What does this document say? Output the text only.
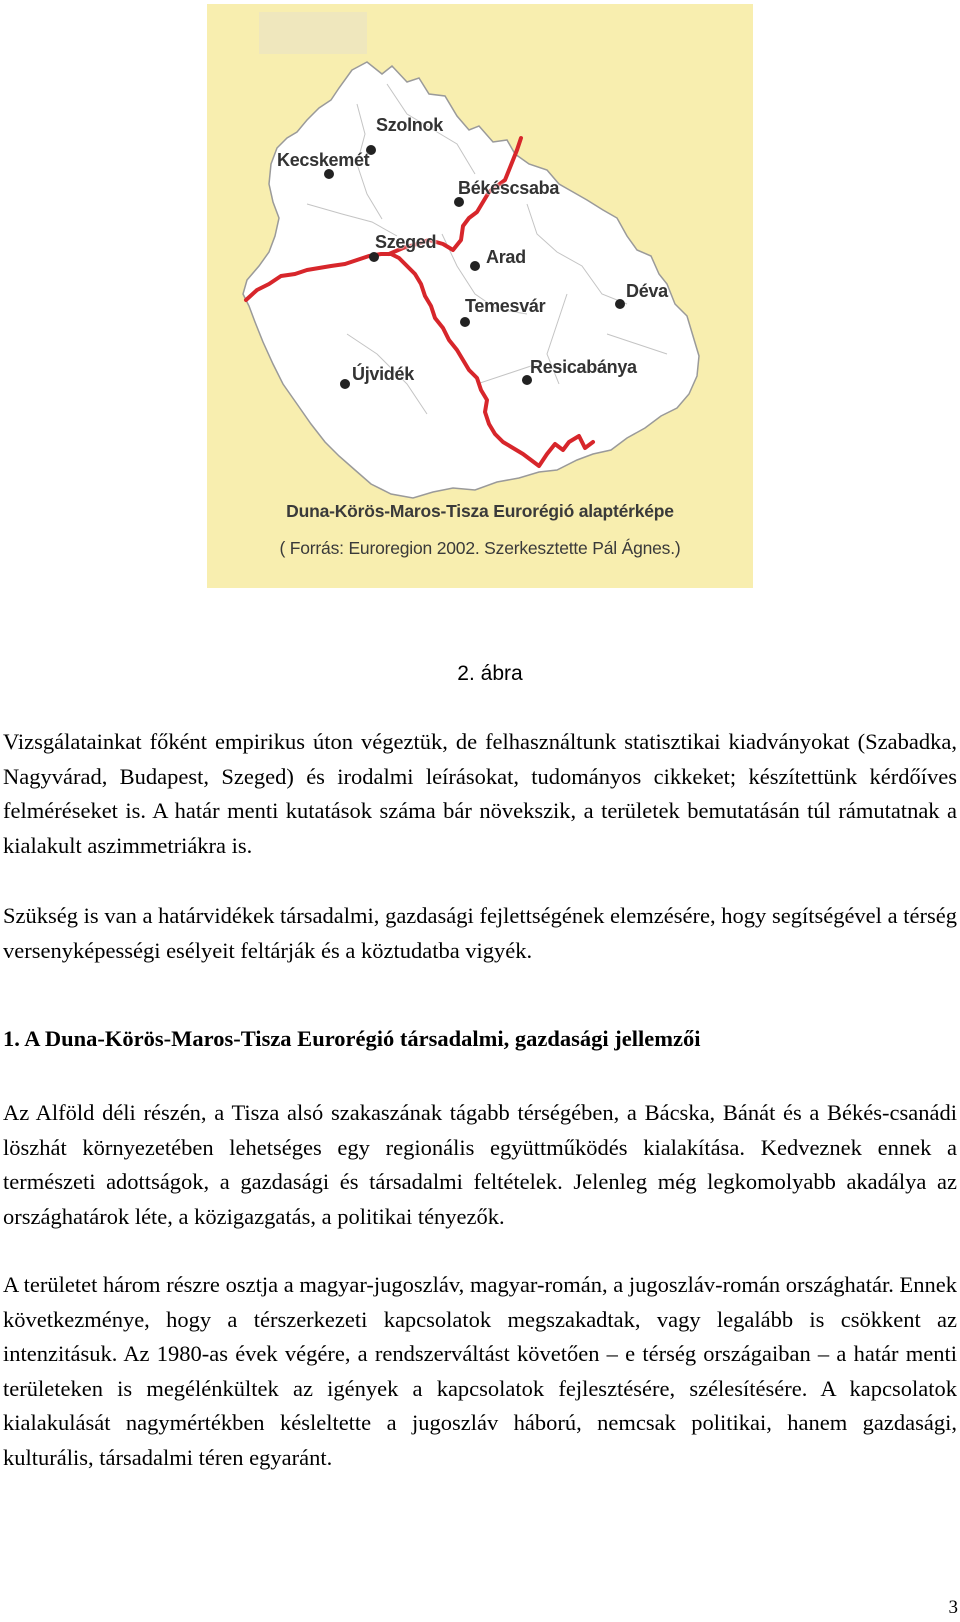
Szolnok
Kecskemét
Békéscsaba
Szeged
Arad
Temesvár
Déva
Újvidék	Resicabánya
Duna-Körös-Maros-Tisza Eurorégió alaptérképe
( Forrás: Euroregion 2002. Szerkesztette Pál Ágnes.)
2. ábra

Vizsgálatainkat főként empirikus úton végeztük, de felhasználtunk statisztikai kiadványokat (Szabadka, Nagyvárad, Budapest, Szeged) és irodalmi leírásokat, tudományos cikkeket; készítettünk kérdőíves felméréseket is. A határ menti kutatások száma bár növekszik, a területek bemutatásán túl rámutatnak a kialakult aszimmetriákra is.

Szükség is van a határvidékek társadalmi, gazdasági fejlettségének elemzésére, hogy segítségével a térség versenyképességi esélyeit feltárják és a köztudatba vigyék.

1. A Duna-Körös-Maros-Tisza Eurorégió társadalmi, gazdasági jellemzői

Az Alföld déli részén, a Tisza alsó szakaszának tágabb térségében, a Bácska, Bánát és a Békés-csanádi löszhát környezetében lehetséges egy regionális együttműködés kialakítása. Kedveznek ennek a természeti adottságok, a gazdasági és társadalmi feltételek. Jelenleg még legkomolyabb akadálya az országhatárok léte, a közigazgatás, a politikai tényezők.

A területet három részre osztja a magyar-jugoszláv, magyar-román, a jugoszláv-román országhatár. Ennek következménye, hogy a térszerkezeti kapcsolatok megszakadtak, vagy legalább is csökkent az intenzitásuk. Az 1980-as évek végére, a rendszerváltást követően – e térség országaiban – a határ menti területeken is megélénkültek az igények a kapcsolatok fejlesztésére, szélesítésére. A kapcsolatok kialakulását nagymértékben késleltette a jugoszláv háború, nemcsak politikai, hanem gazdasági, kulturális, társadalmi téren egyaránt.

3
